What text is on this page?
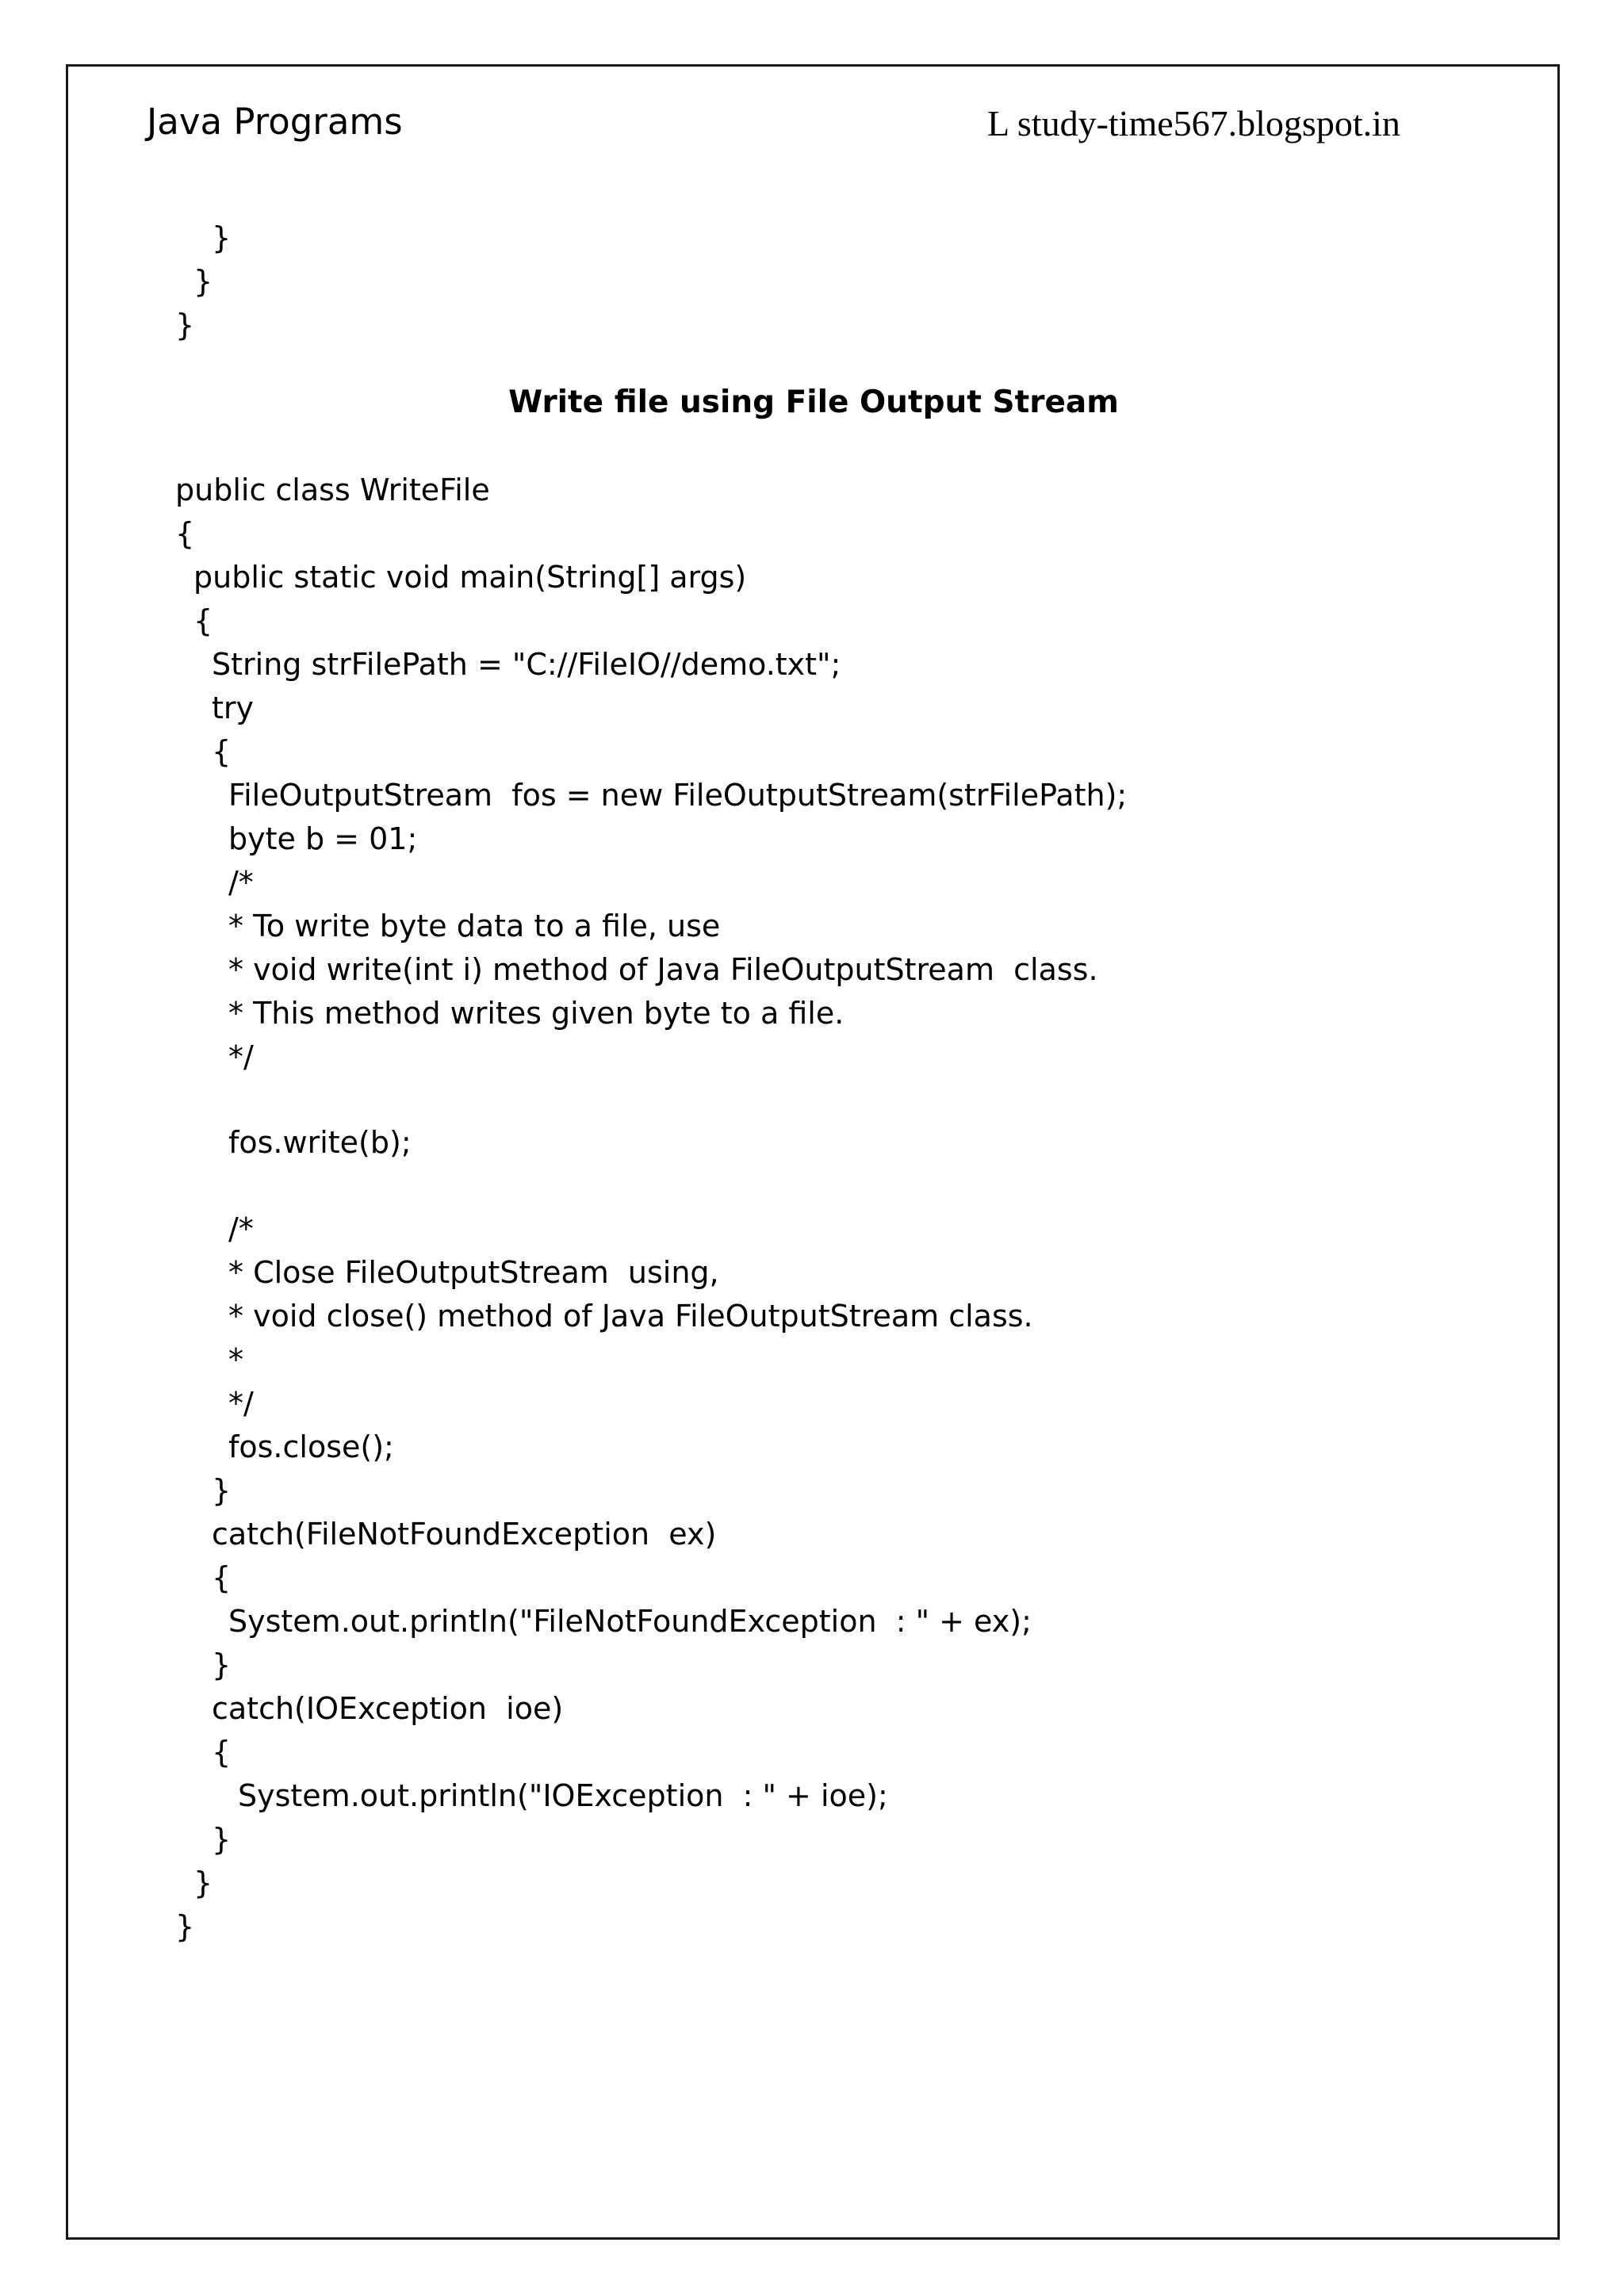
Java Programs	L study-time567.blogspot.in
Write file using File Output Stream
}
}
}
public class WriteFile
{
public static void main(String[] args)
{
String strFilePath = "C://FileIO//demo.txt";
try
{
FileOutputStream  fos = new FileOutputStream(strFilePath);
byte b = 01;
/*
* To write byte data to a file, use
* void write(int i) method of Java FileOutputStream  class.
* This method writes given byte to a file.
*/
fos.write(b);
/*
* Close FileOutputStream  using,
* void close() method of Java FileOutputStream class.
*
*/
fos.close();
}
catch(FileNotFoundException  ex)
{
System.out.println("FileNotFoundException  : " + ex);
}
catch(IOException  ioe)
{
System.out.println("IOException  : " + ioe);
}
}
}
